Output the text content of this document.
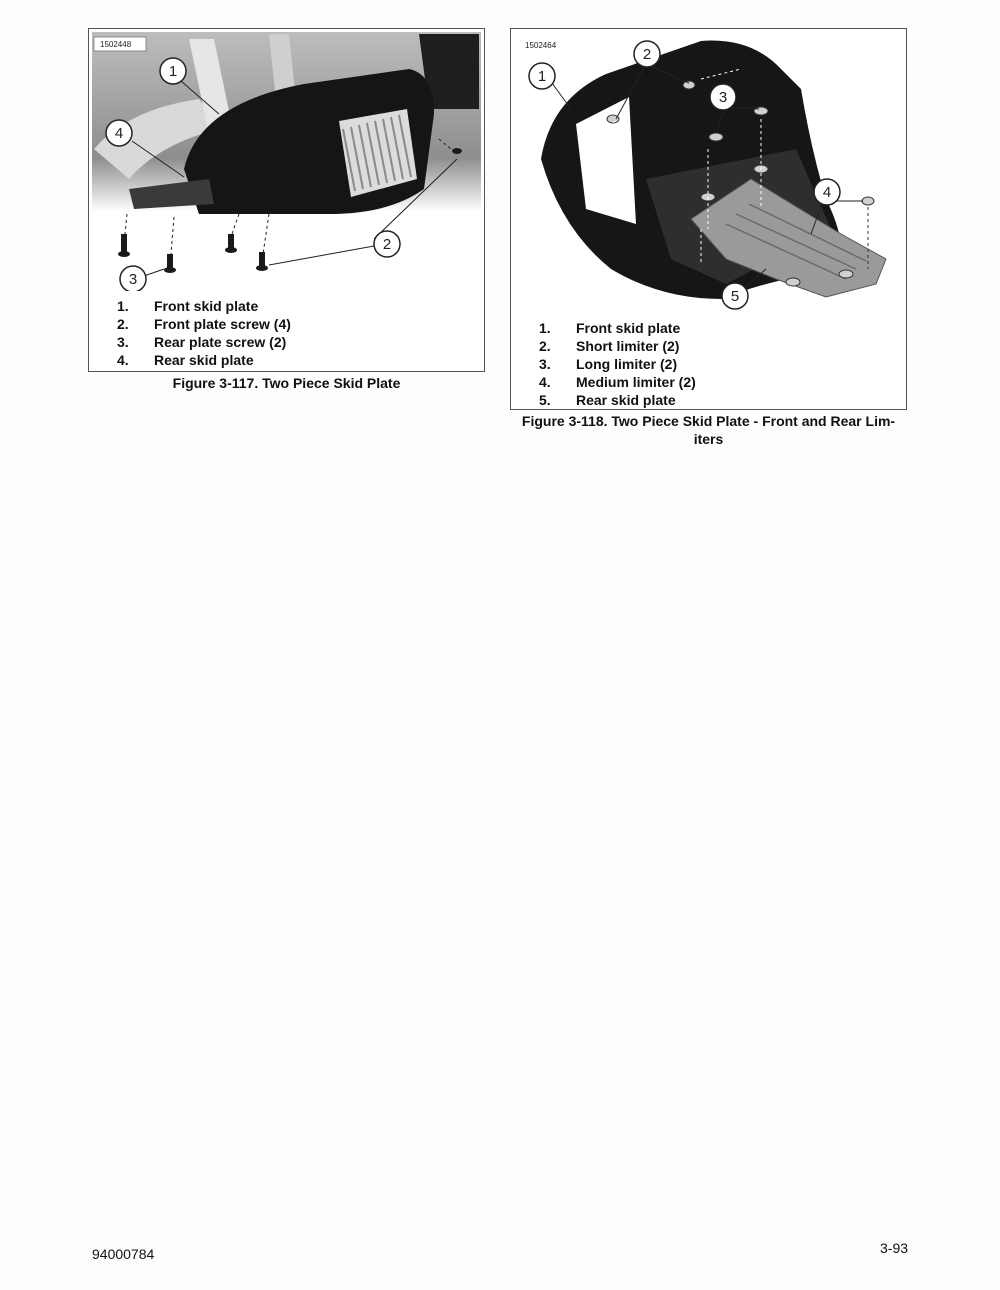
1
4
3
2
1502448
1.	Front skid plate
2.	Front plate screw (4)
3.	Rear plate screw (2)
4.	Rear skid plate
Figure 3-117. Two Piece Skid Plate
1
2
3
4
5
1502464
1.	Front skid plate
2.	Short limiter (2)
3.	Long limiter (2)
4.	Medium limiter (2)
5.	Rear skid plate
Figure 3-118. Two Piece Skid Plate - Front and Rear Lim-
iters
94000784	3-93
